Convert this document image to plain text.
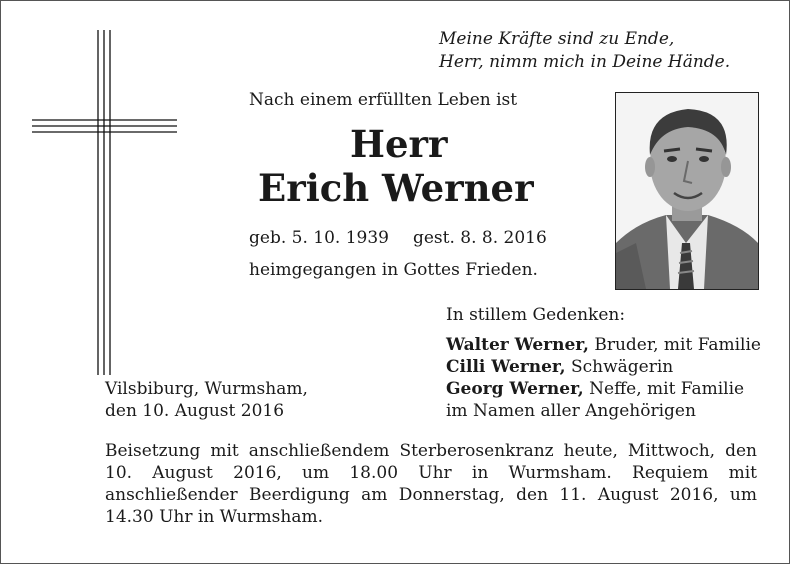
Meine Kräfte sind zu Ende,
Herr, nimm mich in Deine Hände.
Nach einem erfüllten Leben ist
Herr
Erich Werner
geb. 5. 10. 1939 gest. 8. 8. 2016
heimgegangen in Gottes Frieden.
In stillem Gedenken:
Walter Werner, Bruder, mit Familie
Cilli Werner, Schwägerin
Georg Werner, Neffe, mit Familie
im Namen aller Angehörigen
Vilsbiburg, Wurmsham,
den 10. August 2016
Beisetzung mit anschließendem Sterberosenkranz heute, Mittwoch, den 10. August 2016, um 18.00 Uhr in Wurmsham. Requiem mit anschließender Beerdigung am Donnerstag, den 11. August 2016, um 14.30 Uhr in Wurmsham.
